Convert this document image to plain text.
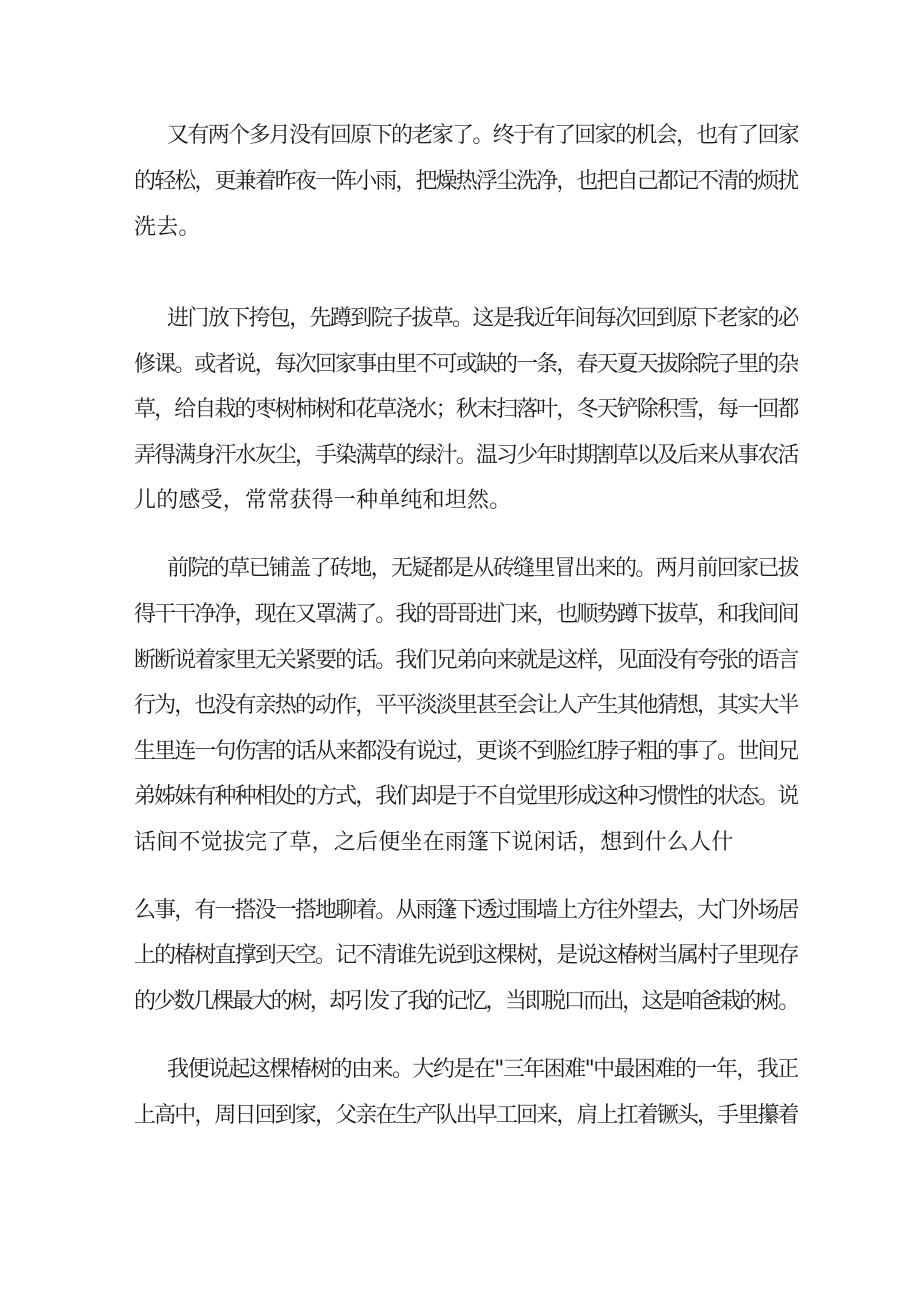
又有两个多月没有回原下的老家了。终于有了回家的机会，也有了回家
的轻松，更兼着昨夜一阵小雨，把燥热浮尘洗净，也把自己都记不清的烦扰
洗去。
进门放下挎包，先蹲到院子拔草。这是我近年间每次回到原下老家的必
修课。或者说，每次回家事由里不可或缺的一条，春天夏天拔除院子里的杂
草，给自栽的枣树柿树和花草浇水；秋末扫落叶，冬天铲除积雪，每一回都
弄得满身汗水灰尘，手染满草的绿汁。温习少年时期割草以及后来从事农活
儿的感受，常常获得一种单纯和坦然。
前院的草已铺盖了砖地，无疑都是从砖缝里冒出来的。两月前回家已拔
得干干净净，现在又罩满了。我的哥哥进门来，也顺势蹲下拔草，和我间间
断断说着家里无关紧要的话。我们兄弟向来就是这样，见面没有夸张的语言
行为，也没有亲热的动作，平平淡淡里甚至会让人产生其他猜想，其实大半
生里连一句伤害的话从来都没有说过，更谈不到脸红脖子粗的事了。世间兄
弟姊妹有种种相处的方式，我们却是于不自觉里形成这种习惯性的状态。说
话间不觉拔完了草，之后便坐在雨篷下说闲话，想到什么人什
么事，有一搭没一搭地聊着。从雨篷下透过围墙上方往外望去，大门外场居
上的椿树直撑到天空。记不清谁先说到这棵树，是说这椿树当属村子里现存
的少数几棵最大的树，却引发了我的记忆，当即脱口而出，这是咱爸栽的树。
我便说起这棵椿树的由来。大约是在"三年困难"中最困难的一年，我正
上高中，周日回到家，父亲在生产队出早工回来，肩上扛着镢头，手里攥着
